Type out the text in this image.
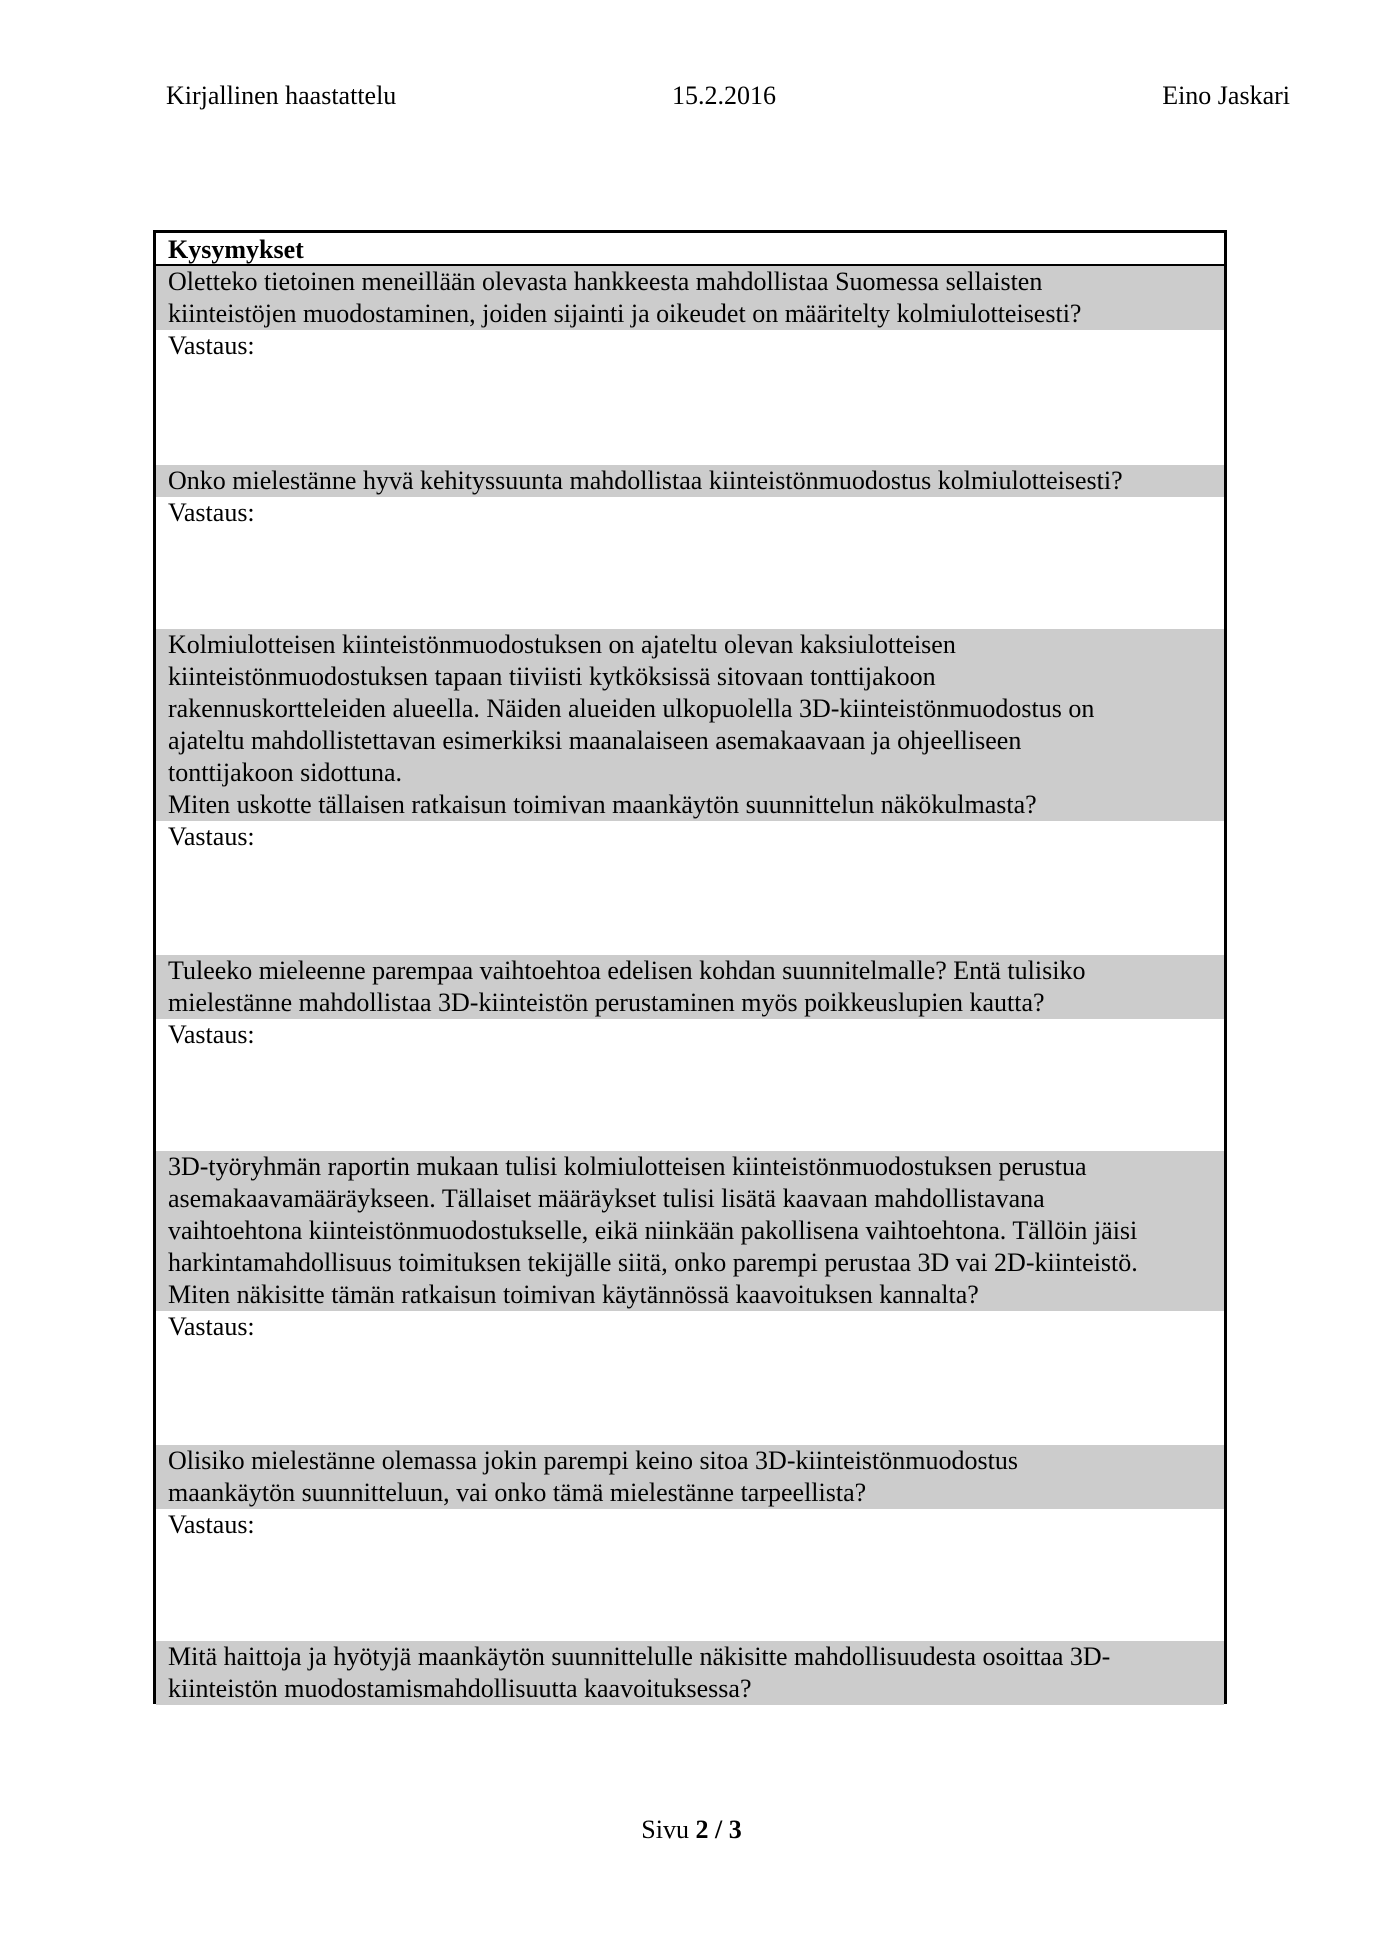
Kirjallinen haastattelu	15.2.2016	Eino Jaskari
Kysymykset

Oletteko tietoinen meneillään olevasta hankkeesta mahdollistaa Suomessa sellaisten

kiinteistöjen muodostaminen, joiden sijainti ja oikeudet on määritelty kolmiulotteisesti?

Vastaus:

Onko mielestänne hyvä kehityssuunta mahdollistaa kiinteistönmuodostus kolmiulotteisesti?

Vastaus:

Kolmiulotteisen kiinteistönmuodostuksen on ajateltu olevan kaksiulotteisen

kiinteistönmuodostuksen tapaan tiiviisti kytköksissä sitovaan tonttijakoon

rakennuskortteleiden alueella. Näiden alueiden ulkopuolella 3D-kiinteistönmuodostus on

ajateltu mahdollistettavan esimerkiksi maanalaiseen asemakaavaan ja ohjeelliseen

tonttijakoon sidottuna.

Miten uskotte tällaisen ratkaisun toimivan maankäytön suunnittelun näkökulmasta?

Vastaus:

Tuleeko mieleenne parempaa vaihtoehtoa edelisen kohdan suunnitelmalle? Entä tulisiko

mielestänne mahdollistaa 3D-kiinteistön perustaminen myös poikkeuslupien kautta?

Vastaus:

3D-työryhmän raportin mukaan tulisi kolmiulotteisen kiinteistönmuodostuksen perustua

asemakaavamääräykseen. Tällaiset määräykset tulisi lisätä kaavaan mahdollistavana

vaihtoehtona kiinteistönmuodostukselle, eikä niinkään pakollisena vaihtoehtona. Tällöin jäisi

harkintamahdollisuus toimituksen tekijälle siitä, onko parempi perustaa 3D vai 2D-kiinteistö.

Miten näkisitte tämän ratkaisun toimivan käytännössä kaavoituksen kannalta?

Vastaus:

Olisiko mielestänne olemassa jokin parempi keino sitoa 3D-kiinteistönmuodostus

maankäytön suunnitteluun, vai onko tämä mielestänne tarpeellista?

Vastaus:

Mitä haittoja ja hyötyjä maankäytön suunnittelulle näkisitte mahdollisuudesta osoittaa 3D-

kiinteistön muodostamismahdollisuutta kaavoituksessa?

Sivu 2 / 3
